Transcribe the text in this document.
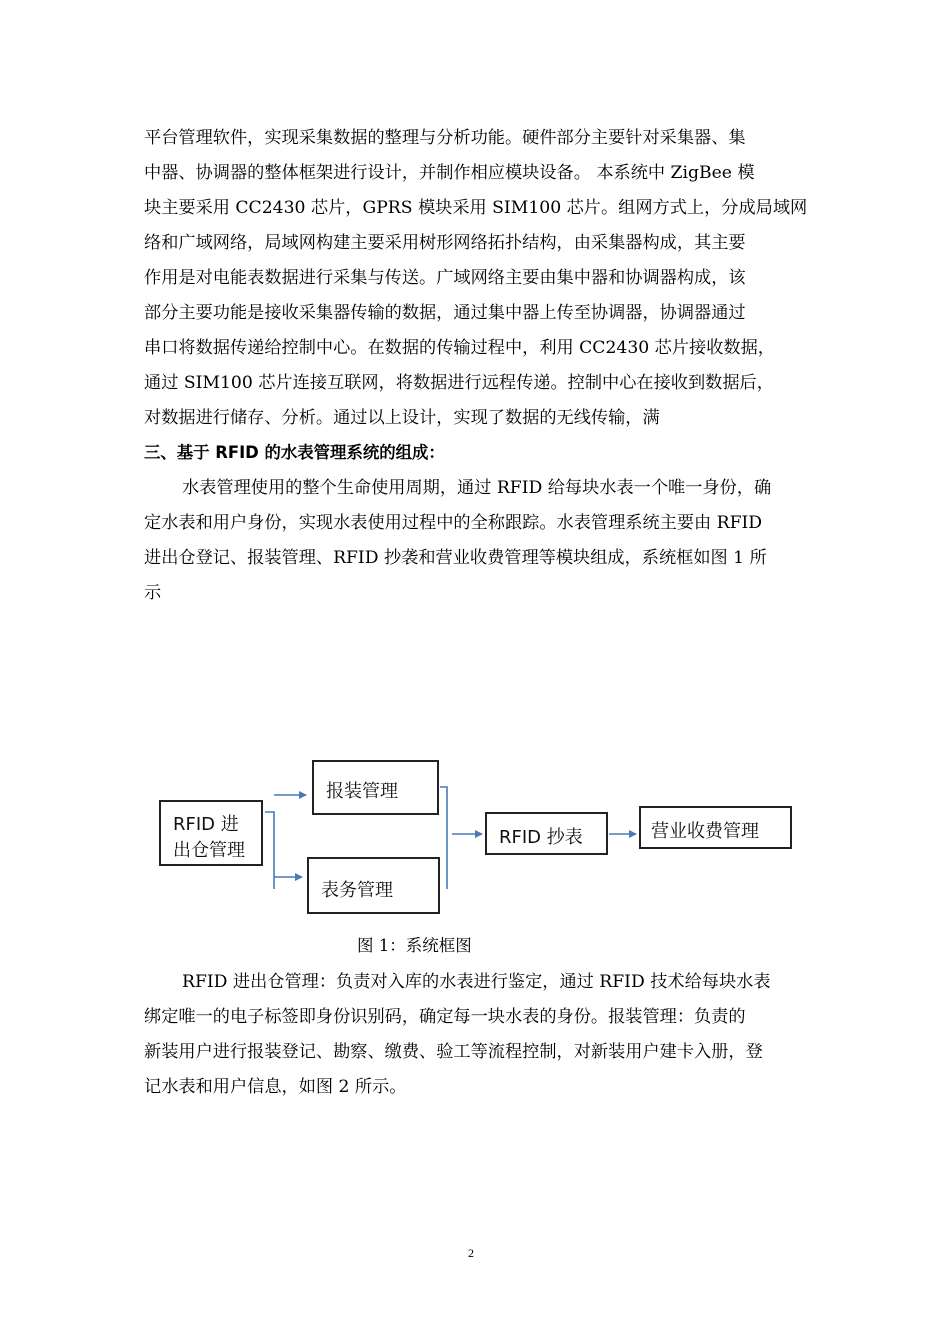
平台管理软件，实现采集数据的整理与分析功能。硬件部分主要针对采集器、集
中器、协调器的整体框架进行设计，并制作相应模块设备。 本系统中 ZigBee 模
块主要采用 CC2430 芯片，GPRS 模块采用 SIM100 芯片。组网方式上，分成局域网
络和广域网络，局域网构建主要采用树形网络拓扑结构，由采集器构成，其主要
作用是对电能表数据进行采集与传送。广域网络主要由集中器和协调器构成，该
部分主要功能是接收采集器传输的数据，通过集中器上传至协调器，协调器通过
串口将数据传递给控制中心。在数据的传输过程中，利用 CC2430 芯片接收数据，
通过 SIM100 芯片连接互联网，将数据进行远程传递。控制中心在接收到数据后，
对数据进行储存、分析。通过以上设计，实现了数据的无线传输，满
三、基于 RFID 的水表管理系统的组成：
水表管理使用的整个生命使用周期，通过 RFID 给每块水表一个唯一身份，确
定水表和用户身份，实现水表使用过程中的全称跟踪。水表管理系统主要由 RFID
进出仓登记、报装管理、RFID 抄袭和营业收费管理等模块组成，系统框如图 1 所
示
RFID 进
出仓管理
报装管理
表务管理
RFID 抄表	营业收费管理
图 1：系统框图
RFID 进出仓管理：负责对入库的水表进行鉴定，通过 RFID 技术给每块水表
绑定唯一的电子标签即身份识别码，确定每一块水表的身份。报装管理：负责的
新装用户进行报装登记、勘察、缴费、验工等流程控制，对新装用户建卡入册，登
记水表和用户信息，如图 2 所示。
2
